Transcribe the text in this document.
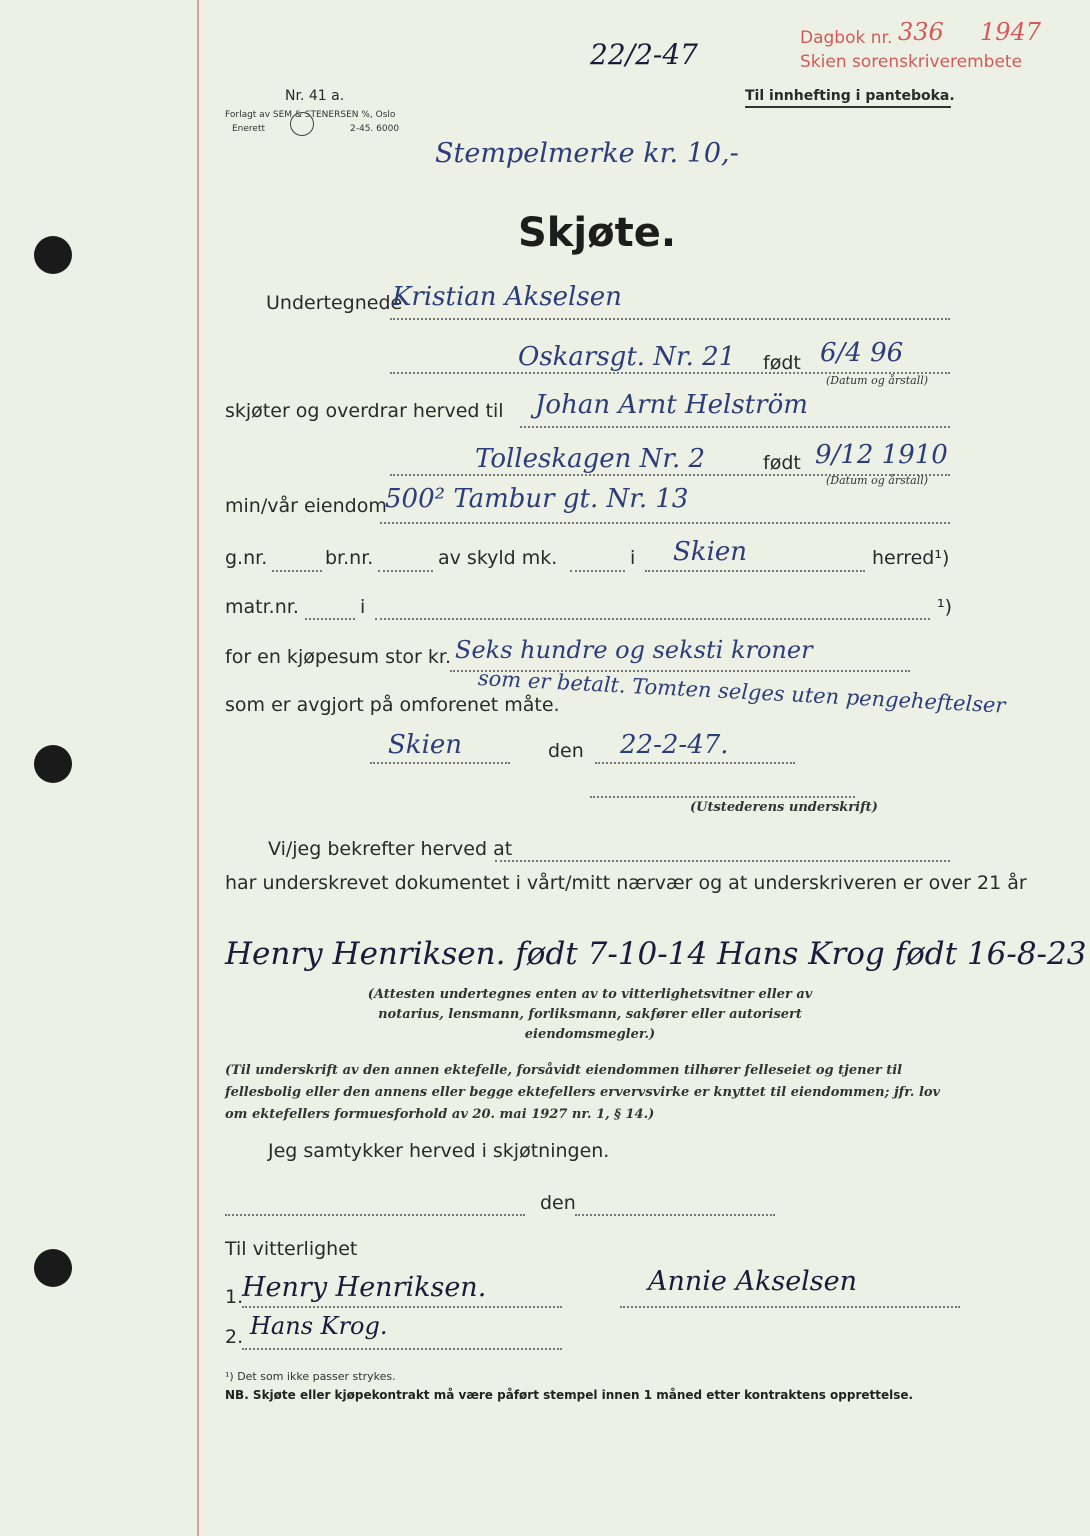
Dagbok nr. 336 1947
Skien sorenskriverembete
Nr. 41 a.
Forlagt av SEM & STENERSEN %, Oslo
Enerett	2-45. 6000
22/2-47
Til innhefting i panteboka.
Stempelmerke kr. 10,-
Skjøte.
Undertegnede
Kristian Akselsen
Oskarsgt. Nr. 21 født 6/4 96
(Datum og årstall)
skjøter og overdrar herved til Johan Arnt Helström
Tolleskagen Nr. 2	født 9/12 1910
(Datum og årstall)
min/vår eiendom
500² Tambur gt. Nr. 13
g.nr.	br.nr.	av skyld mk.	i Skien	herred¹)
matr.nr.	i	¹)
for en kjøpesum stor kr. Seks hundre og seksti kroner
som er betalt. Tomten selges uten pengeheftelser
som er avgjort på omforenet måte.
Skien	den 22-2-47.
(Utstederens underskrift)
Vi/jeg bekrefter herved at
har underskrevet dokumentet i vårt/mitt nærvær og at underskriveren er over 21 år
Henry Henriksen. født 7-10-14 Hans Krog født 16-8-23
(Attesten undertegnes enten av to vitterlighetsvitner eller av notarius, lensmann, forliksmann, sakfører eller autorisert eiendomsmegler.)
(Til underskrift av den annen ektefelle, forsåvidt eiendommen tilhører felleseiet og tjener til fellesbolig eller den annens eller begge ektefellers ervervsvirke er knyttet til eiendommen; jfr. lov om ektefellers formuesforhold av 20. mai 1927 nr. 1, § 14.)
Jeg samtykker herved i skjøtningen.
den
Til vitterlighet
1.
Henry Henriksen.	Annie Akselsen
2. Hans Krog.
¹) Det som ikke passer strykes.
NB. Skjøte eller kjøpekontrakt må være påført stempel innen 1 måned etter kontraktens opprettelse.
